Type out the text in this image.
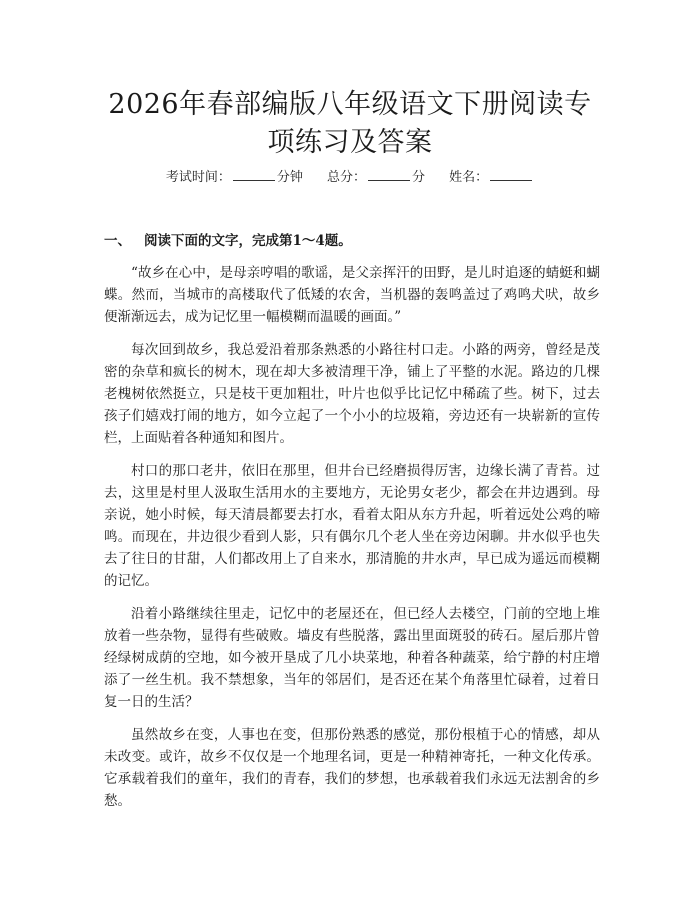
2026年春部编版八年级语文下册阅读专项练习及答案
考试时间：	分钟 总分：	分 姓名：
一、 阅读下面的文字，完成第1～4题。

“故乡在心中，是母亲哼唱的歌谣，是父亲挥汗的田野，是儿时追逐的蜻蜓和蝴蝶。然而，当城市的高楼取代了低矮的农舍，当机器的轰鸣盖过了鸡鸣犬吠，故乡便渐渐远去，成为记忆里一幅模糊而温暖的画面。”

每次回到故乡，我总爱沿着那条熟悉的小路往村口走。小路的两旁，曾经是茂密的杂草和疯长的树木，现在却大多被清理干净，铺上了平整的水泥。路边的几棵老槐树依然挺立，只是枝干更加粗壮，叶片也似乎比记忆中稀疏了些。树下，过去孩子们嬉戏打闹的地方，如今立起了一个小小的垃圾箱，旁边还有一块崭新的宣传栏，上面贴着各种通知和图片。

村口的那口老井，依旧在那里，但井台已经磨损得厉害，边缘长满了青苔。过去，这里是村里人汲取生活用水的主要地方，无论男女老少，都会在井边遇到。母亲说，她小时候，每天清晨都要去打水，看着太阳从东方升起，听着远处公鸡的啼鸣。而现在，井边很少看到人影，只有偶尔几个老人坐在旁边闲聊。井水似乎也失去了往日的甘甜，人们都改用上了自来水，那清脆的井水声，早已成为遥远而模糊的记忆。

沿着小路继续往里走，记忆中的老屋还在，但已经人去楼空，门前的空地上堆放着一些杂物，显得有些破败。墙皮有些脱落，露出里面斑驳的砖石。屋后那片曾经绿树成荫的空地，如今被开垦成了几小块菜地，种着各种蔬菜，给宁静的村庄增添了一丝生机。我不禁想象，当年的邻居们，是否还在某个角落里忙碌着，过着日复一日的生活？

虽然故乡在变，人事也在变，但那份熟悉的感觉，那份根植于心的情感，却从未改变。或许，故乡不仅仅是一个地理名词，更是一种精神寄托，一种文化传承。它承载着我们的童年，我们的青春，我们的梦想，也承载着我们永远无法割舍的乡愁。
